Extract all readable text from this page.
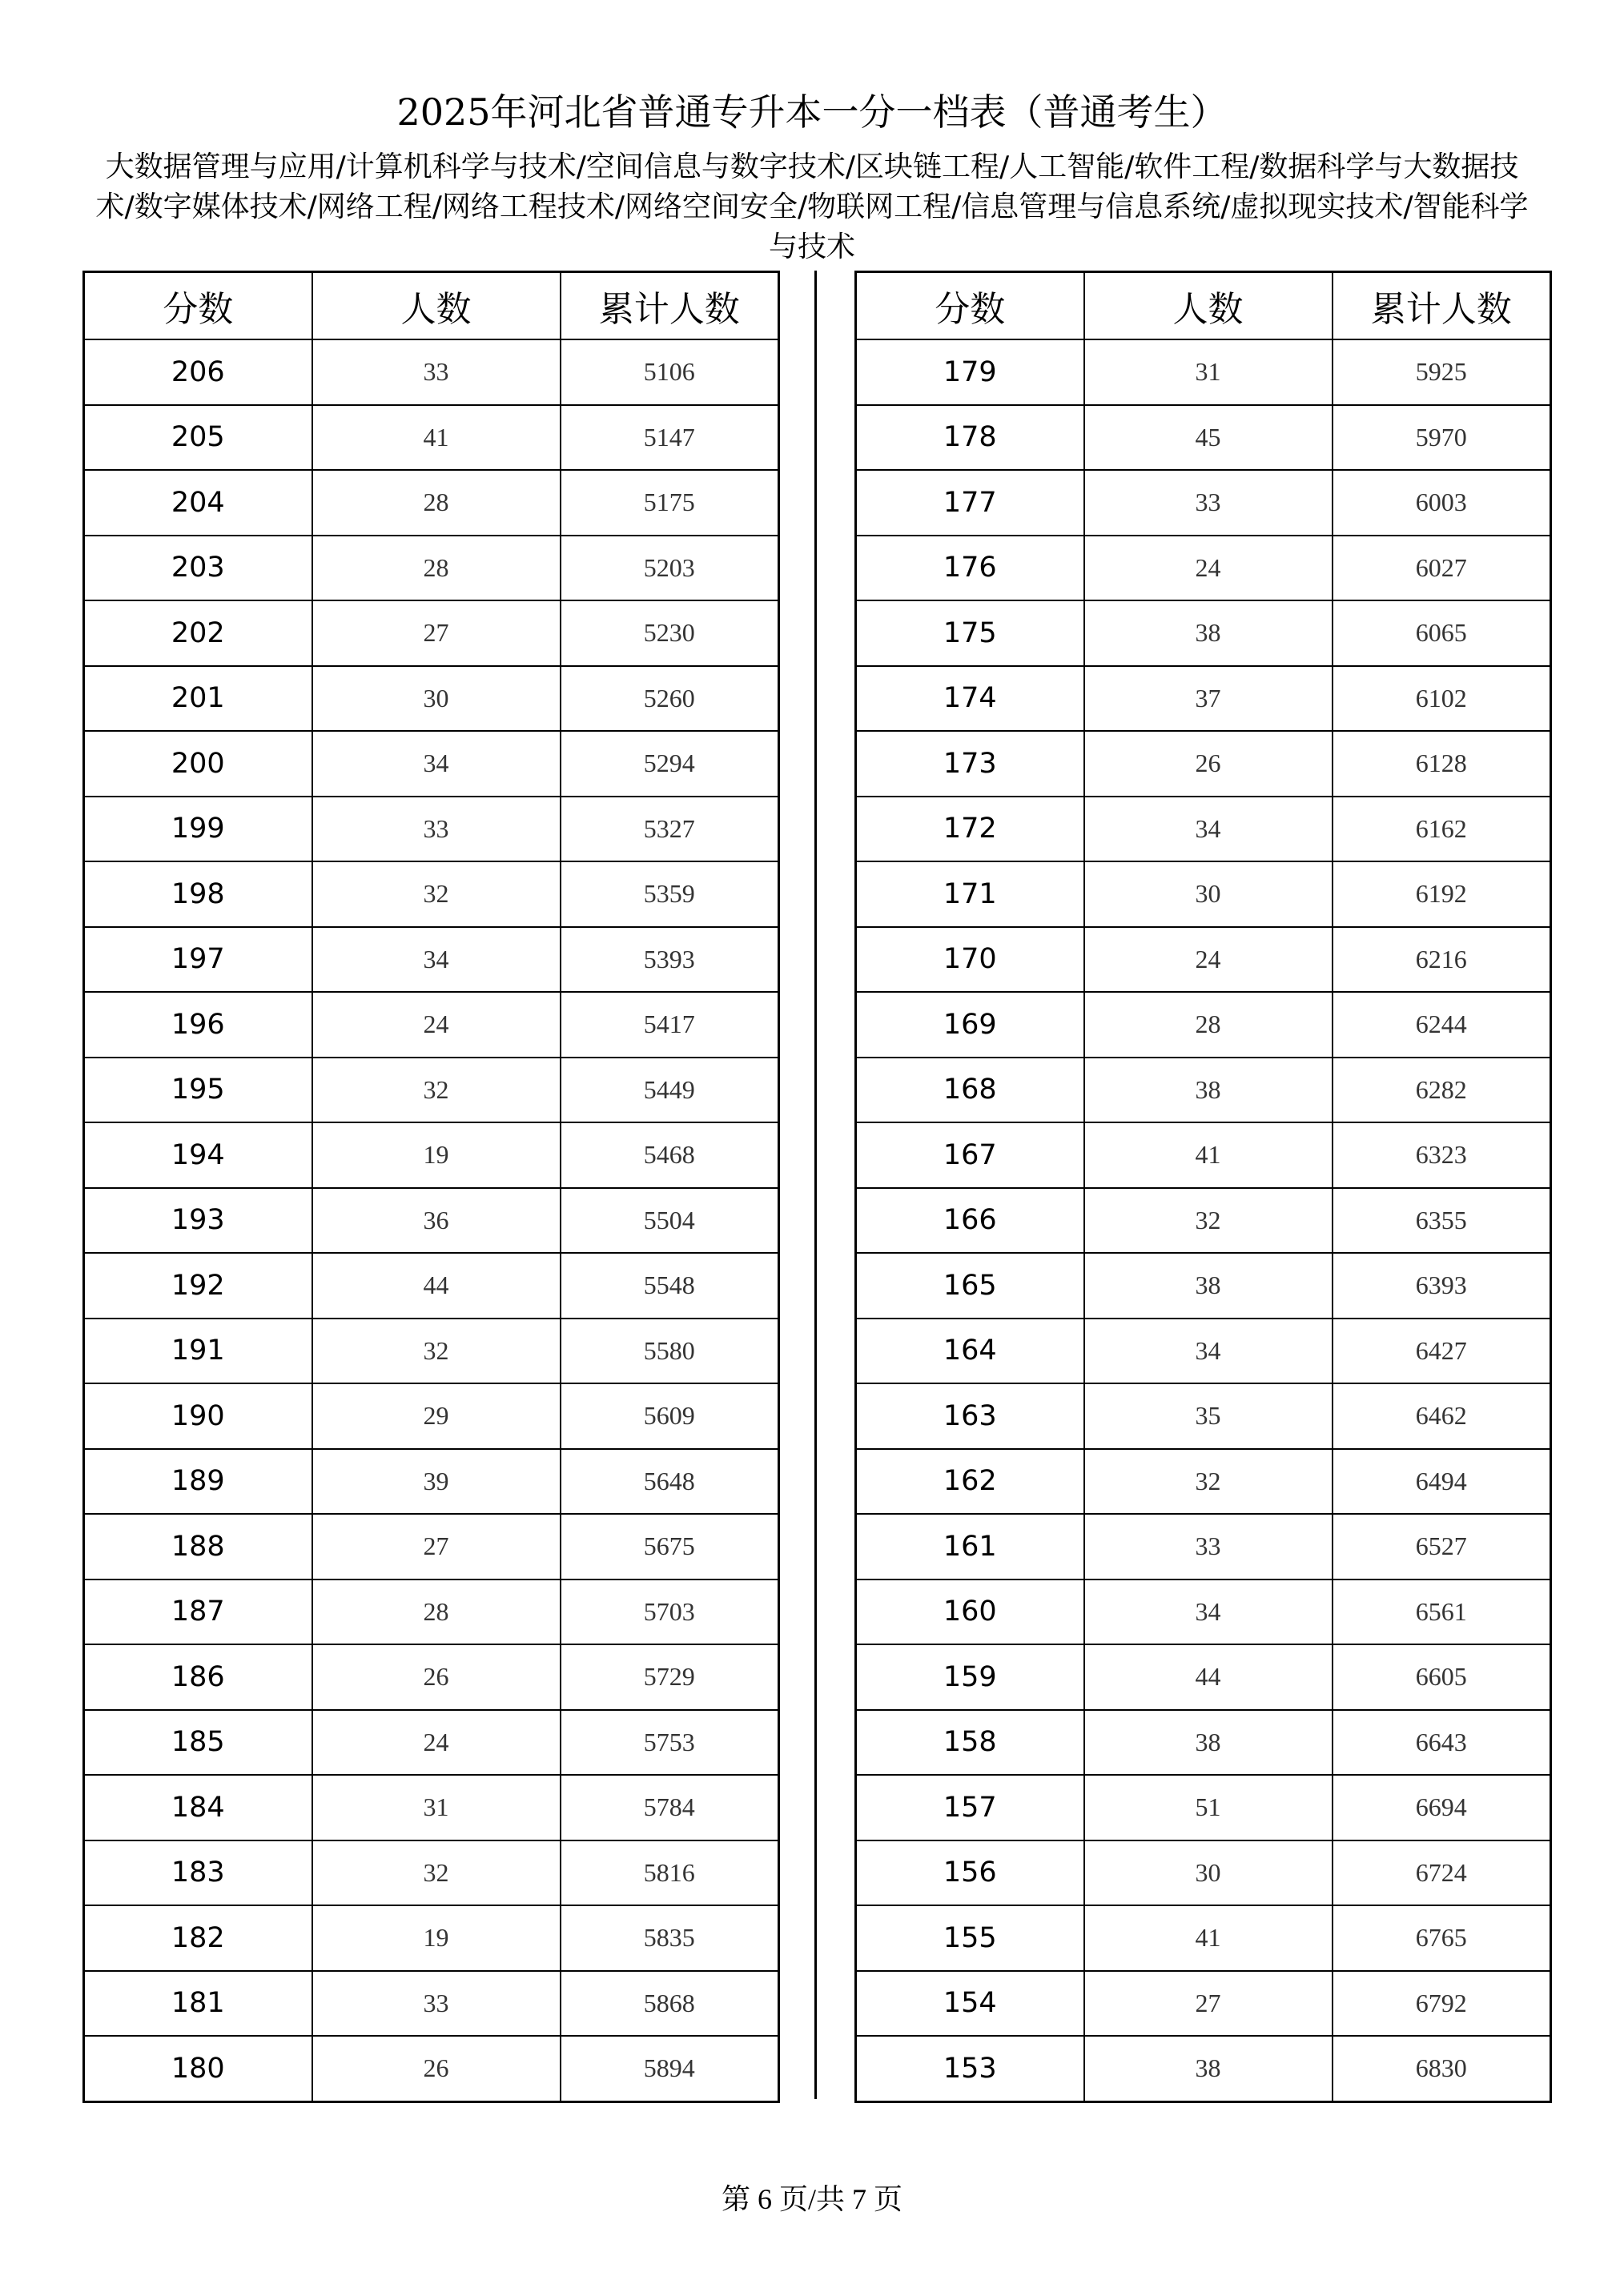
2025年河北省普通专升本一分一档表（普通考生）

大数据管理与应用/计算机科学与技术/空间信息与数字技术/区块链工程/人工智能/软件工程/数据科学与大数据技术/数字媒体技术/网络工程/网络工程技术/网络空间安全/物联网工程/信息管理与信息系统/虚拟现实技术/智能科学与技术

分数	人数	累计人数
206	33	5106
205	41	5147
204	28	5175
203	28	5203
202	27	5230
201	30	5260
200	34	5294
199	33	5327
198	32	5359
197	34	5393
196	24	5417
195	32	5449
194	19	5468
193	36	5504
192	44	5548
191	32	5580
190	29	5609
189	39	5648
188	27	5675
187	28	5703
186	26	5729
185	24	5753
184	31	5784
183	32	5816
182	19	5835
181	33	5868
180	26	5894
分数	人数	累计人数
179	31	5925
178	45	5970
177	33	6003
176	24	6027
175	38	6065
174	37	6102
173	26	6128
172	34	6162
171	30	6192
170	24	6216
169	28	6244
168	38	6282
167	41	6323
166	32	6355
165	38	6393
164	34	6427
163	35	6462
162	32	6494
161	33	6527
160	34	6561
159	44	6605
158	38	6643
157	51	6694
156	30	6724
155	41	6765
154	27	6792
153	38	6830
第 6 页/共 7 页
